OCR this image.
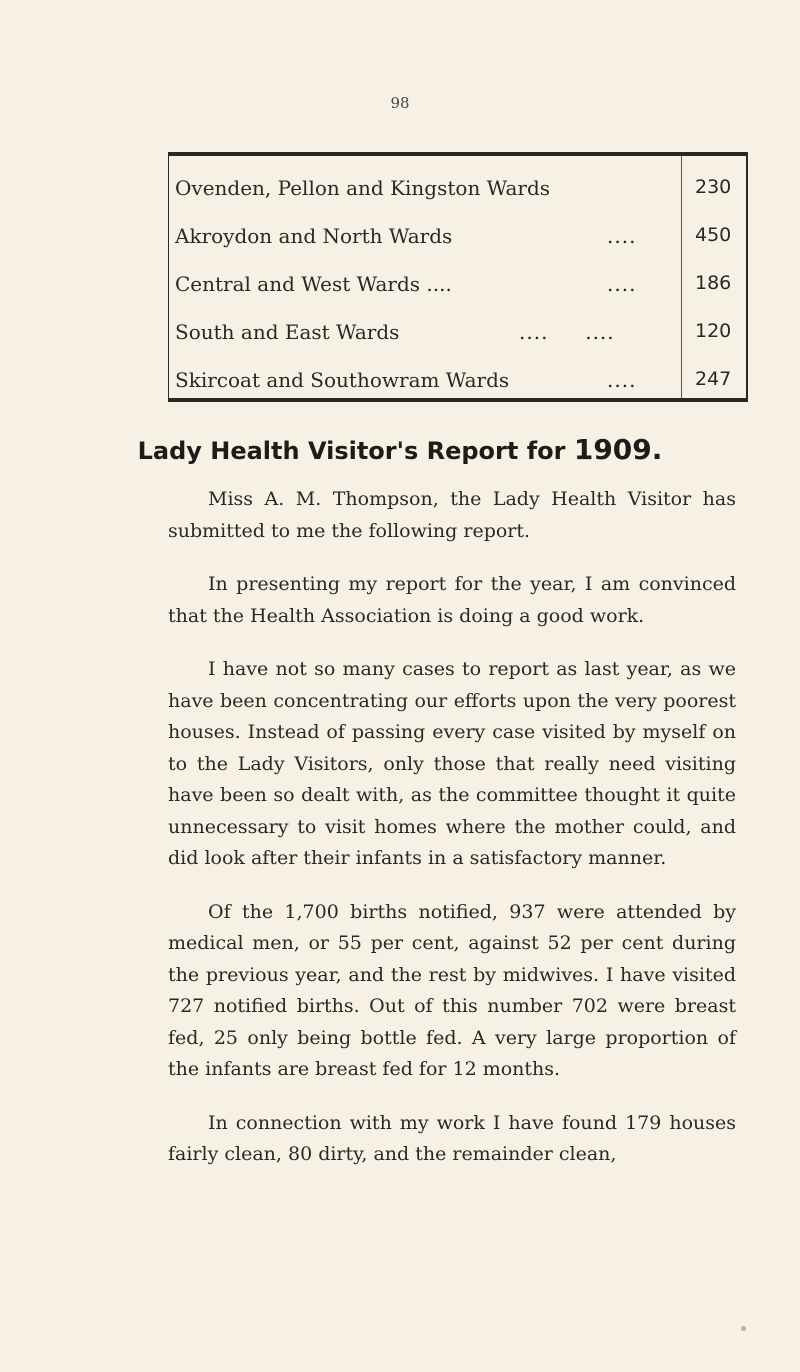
98
Ovenden, Pellon and Kingston Wards	230
Akroydon and North Wards	....	450
Central and West Wards ....	....	186
South and East Wards	....     ....	120
Skircoat and Southowram Wards	....	247
Lady Health Visitor's Report for 1909.

Miss A. M. Thompson, the Lady Health Visitor has submitted to me the following report.

In presenting my report for the year, I am convinced that the Health Association is doing a good work.

I have not so many cases to report as last year, as we have been concentrating our efforts upon the very poorest houses. Instead of passing every case visited by myself on to the Lady Visitors, only those that really need visiting have been so dealt with, as the committee thought it quite unnecessary to visit homes where the mother could, and did look after their infants in a satisfactory manner.

Of the 1,700 births notified, 937 were attended by medical men, or 55 per cent, against 52 per cent during the previous year, and the rest by midwives. I have visited 727 notified births. Out of this number 702 were breast fed, 25 only being bottle fed. A very large proportion of the infants are breast fed for 12 months.

In connection with my work I have found 179 houses fairly clean, 80 dirty, and the remainder clean,
